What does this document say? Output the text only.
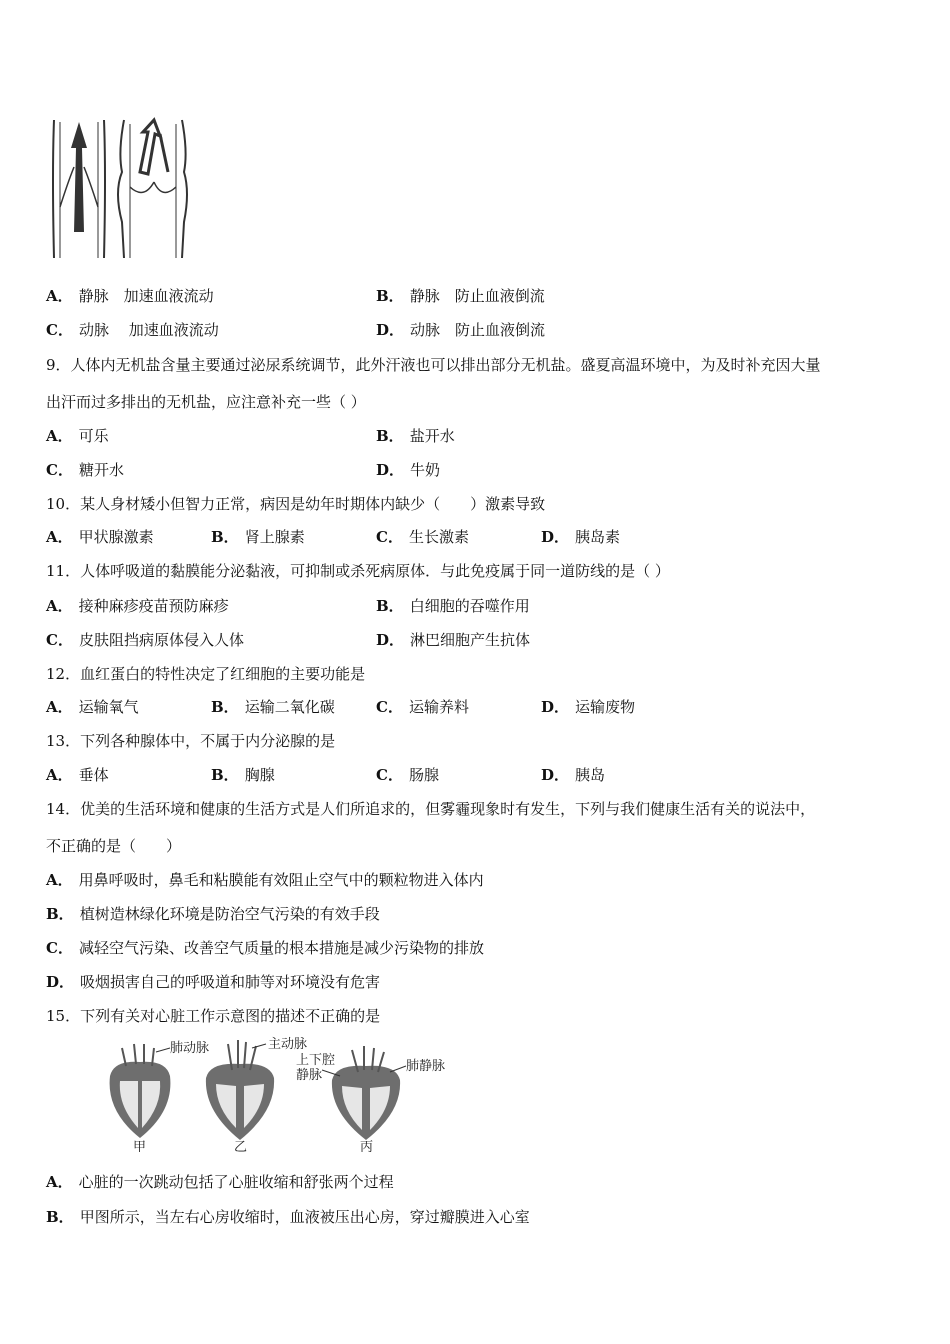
A． 静脉　加速血液流动	B． 静脉　防止血液倒流
C． 动脉　 加速血液流动	D． 动脉　防止血液倒流
9．人体内无机盐含量主要通过泌尿系统调节，此外汗液也可以排出部分无机盐。盛夏高温环境中，为及时补充因大量
出汗而过多排出的无机盐，应注意补充一些（ ）
A． 可乐	B． 盐开水
C． 糖开水	D． 牛奶
10．某人身材矮小但智力正常，病因是幼年时期体内缺少（　　）激素导致
A． 甲状腺激素	B． 肾上腺素	C． 生长激素	D． 胰岛素
11．人体呼吸道的黏膜能分泌黏液，可抑制或杀死病原体．与此免疫属于同一道防线的是（ ）
A． 接种麻疹疫苗预防麻疹	B． 白细胞的吞噬作用
C． 皮肤阻挡病原体侵入人体	D． 淋巴细胞产生抗体
12．血红蛋白的特性决定了红细胞的主要功能是
A． 运输氧气	B． 运输二氧化碳	C． 运输养料	D． 运输废物
13．下列各种腺体中，不属于内分泌腺的是
A． 垂体	B． 胸腺	C． 肠腺	D． 胰岛
14．优美的生活环境和健康的生活方式是人们所追求的，但雾霾现象时有发生，下列与我们健康生活有关的说法中，
不正确的是（　　）
A． 用鼻呼吸时，鼻毛和粘膜能有效阻止空气中的颗粒物进入体内
B． 植树造林绿化环境是防治空气污染的有效手段
C． 减轻空气污染、改善空气质量的根本措施是减少污染物的排放
D． 吸烟损害自己的呼吸道和肺等对环境没有危害
15．下列有关对心脏工作示意图的描述不正确的是
肺动脉	主动脉
上下腔
静脉
肺静脉
甲	乙	丙
A． 心脏的一次跳动包括了心脏收缩和舒张两个过程
B． 甲图所示，当左右心房收缩时，血液被压出心房，穿过瓣膜进入心室
